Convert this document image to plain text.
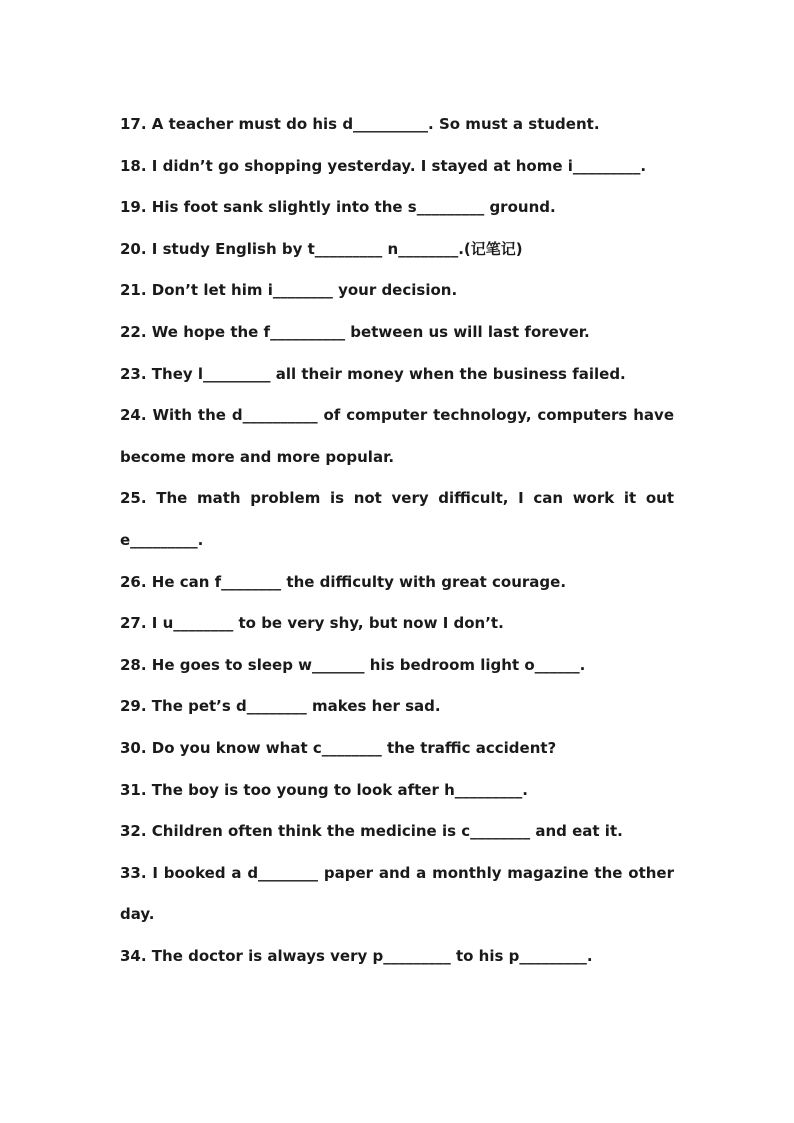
17. A teacher must do his d__________. So must a student.
18. I didn’t go shopping yesterday. I stayed at home i_________.
19. His foot sank slightly into the s_________ ground.
20. I study English by t_________ n________.(记笔记)
21. Don’t let him i________ your decision.
22. We hope the f__________ between us will last forever.
23. They l_________ all their money when the business failed.
24. With the d__________ of computer technology, computers have
become more and more popular.
25. The math problem is not very difficult, I can work it out
e_________.
26. He can f________ the difficulty with great courage.
27. I u________ to be very shy, but now I don’t.
28. He goes to sleep w_______ his bedroom light o______.
29. The pet’s d________ makes her sad.
30. Do you know what c________ the traffic accident?
31. The boy is too young to look after h_________.
32. Children often think the medicine is c________ and eat it.
33. I booked a d________ paper and a monthly magazine the other
day.
34. The doctor is always very p_________ to his p_________.
